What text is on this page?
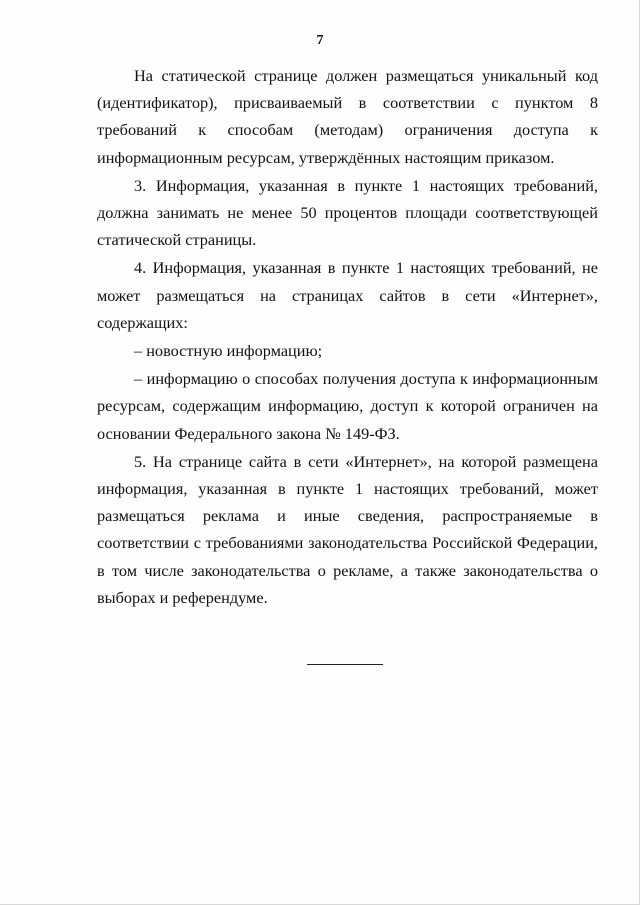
7

На статической странице должен размещаться уникальный код (идентификатор), присваиваемый в соответствии с пунктом 8 требований к способам (методам) ограничения доступа к информационным ресурсам, утверждённых настоящим приказом.

3. Информация, указанная в пункте 1 настоящих требований, должна занимать не менее 50 процентов площади соответствующей статической страницы.

4. Информация, указанная в пункте 1 настоящих требований, не может размещаться на страницах сайтов в сети «Интернет», содержащих:

– новостную информацию;

– информацию о способах получения доступа к информационным ресурсам, содержащим информацию, доступ к которой ограничен на основании Федерального закона № 149-ФЗ.

5. На странице сайта в сети «Интернет», на которой размещена информация, указанная в пункте 1 настоящих требований, может размещаться реклама и иные сведения, распространяемые в соответствии с требованиями законодательства Российской Федерации, в том числе законодательства о рекламе, а также законодательства о выборах и референдуме.
